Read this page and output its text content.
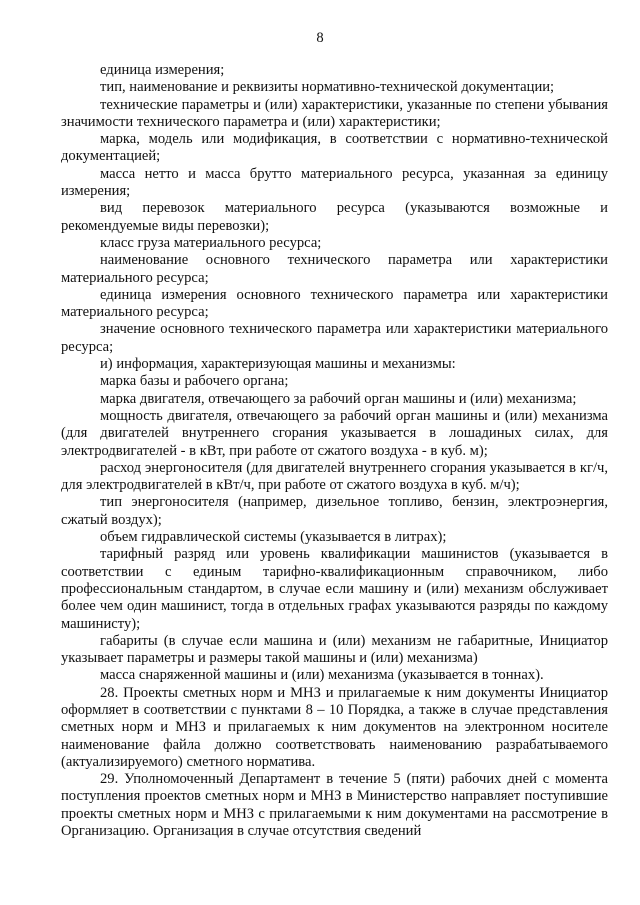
8

единица измерения;

тип, наименование и реквизиты нормативно-технической документации;

технические параметры и (или) характеристики, указанные по степени убывания значимости технического параметра и (или) характеристики;

марка, модель или модификация, в соответствии с нормативно-технической документацией;

масса нетто и масса брутто материального ресурса, указанная за единицу измерения;

вид перевозок материального ресурса (указываются возможные и рекомендуемые виды перевозки);

класс груза материального ресурса;

наименование основного технического параметра или характеристики материального ресурса;

единица измерения основного технического параметра или характеристики материального ресурса;

значение основного технического параметра или характеристики материального ресурса;

и) информация, характеризующая машины и механизмы:

марка базы и рабочего органа;

марка двигателя, отвечающего за рабочий орган машины и (или) механизма;

мощность двигателя, отвечающего за рабочий орган машины и (или) механизма (для двигателей внутреннего сгорания указывается в лошадиных силах, для электродвигателей - в кВт, при работе от сжатого воздуха - в куб. м);

расход энергоносителя (для двигателей внутреннего сгорания указывается в кг/ч, для электродвигателей в кВт/ч, при работе от сжатого воздуха в куб. м/ч);

тип энергоносителя (например, дизельное топливо, бензин, электроэнергия, сжатый воздух);

объем гидравлической системы (указывается в литрах);

тарифный разряд или уровень квалификации машинистов (указывается в соответствии с единым тарифно-квалификационным справочником, либо профессиональным стандартом, в случае если машину и (или) механизм обслуживает более чем один машинист, тогда в отдельных графах указываются разряды по каждому машинисту);

габариты (в случае если машина и (или) механизм не габаритные, Инициатор указывает параметры и размеры такой машины и (или) механизма)

масса снаряженной машины и (или) механизма (указывается в тоннах).

28. Проекты сметных норм и МНЗ и прилагаемые к ним документы Инициатор оформляет в соответствии с пунктами 8 – 10 Порядка, а также в случае представления сметных норм и МНЗ и прилагаемых к ним документов на электронном носителе наименование файла должно соответствовать наименованию разрабатываемого (актуализируемого) сметного норматива.

29. Уполномоченный Департамент в течение 5 (пяти) рабочих дней с момента поступления проектов сметных норм и МНЗ в Министерство направляет поступившие проекты сметных норм и МНЗ с прилагаемыми к ним документами на рассмотрение в Организацию. Организация в случае отсутствия сведений
